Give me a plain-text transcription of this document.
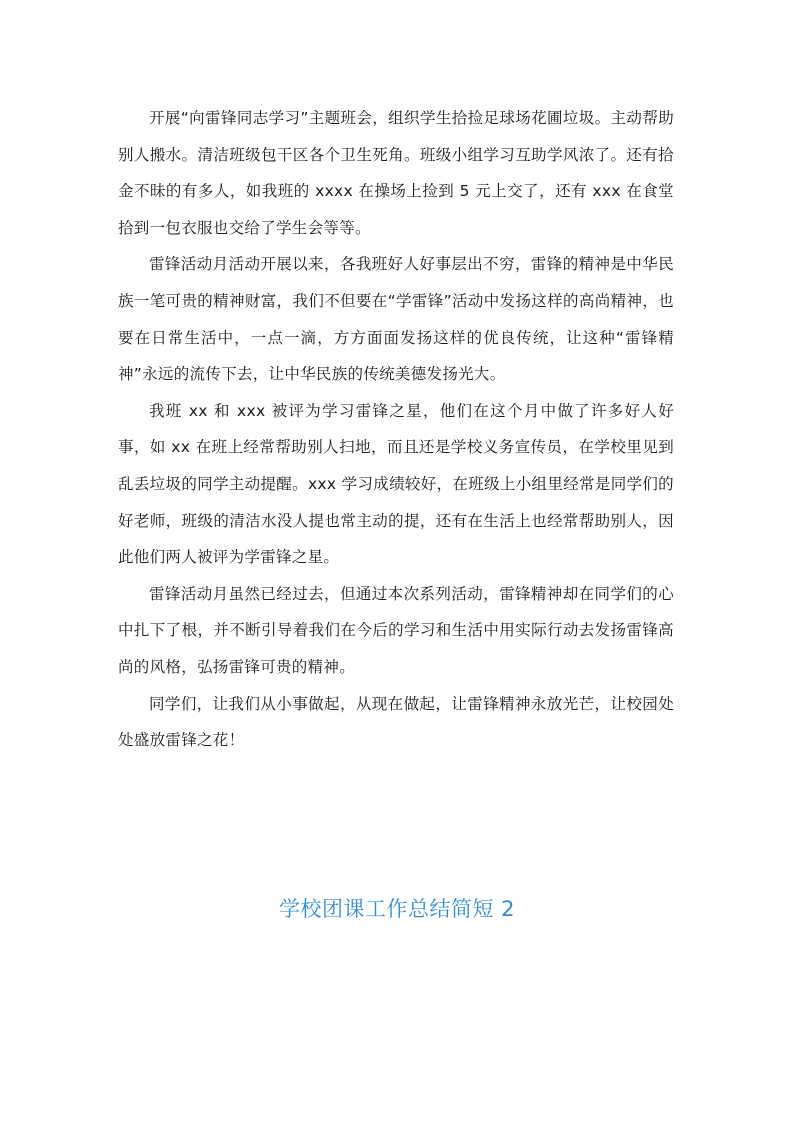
开展“向雷锋同志学习”主题班会，组织学生拾捡足球场花圃垃圾。主动帮助别人搬水。清洁班级包干区各个卫生死角。班级小组学习互助学风浓了。还有拾金不昧的有多人，如我班的 xxxx 在操场上捡到 5 元上交了，还有 xxx 在食堂拾到一包衣服也交给了学生会等等。

雷锋活动月活动开展以来，各我班好人好事层出不穷，雷锋的精神是中华民族一笔可贵的精神财富，我们不但要在“学雷锋”活动中发扬这样的高尚精神，也要在日常生活中，一点一滴，方方面面发扬这样的优良传统，让这种“雷锋精神”永远的流传下去，让中华民族的传统美德发扬光大。

我班 xx 和 xxx 被评为学习雷锋之星，他们在这个月中做了许多好人好事，如 xx 在班上经常帮助别人扫地，而且还是学校义务宣传员，在学校里见到乱丢垃圾的同学主动提醒。xxx 学习成绩较好，在班级上小组里经常是同学们的好老师，班级的清洁水没人提也常主动的提，还有在生活上也经常帮助别人，因此他们两人被评为学雷锋之星。

雷锋活动月虽然已经过去，但通过本次系列活动，雷锋精神却在同学们的心中扎下了根，并不断引导着我们在今后的学习和生活中用实际行动去发扬雷锋高尚的风格，弘扬雷锋可贵的精神。

同学们，让我们从小事做起，从现在做起，让雷锋精神永放光芒，让校园处处盛放雷锋之花！

学校团课工作总结简短 2
